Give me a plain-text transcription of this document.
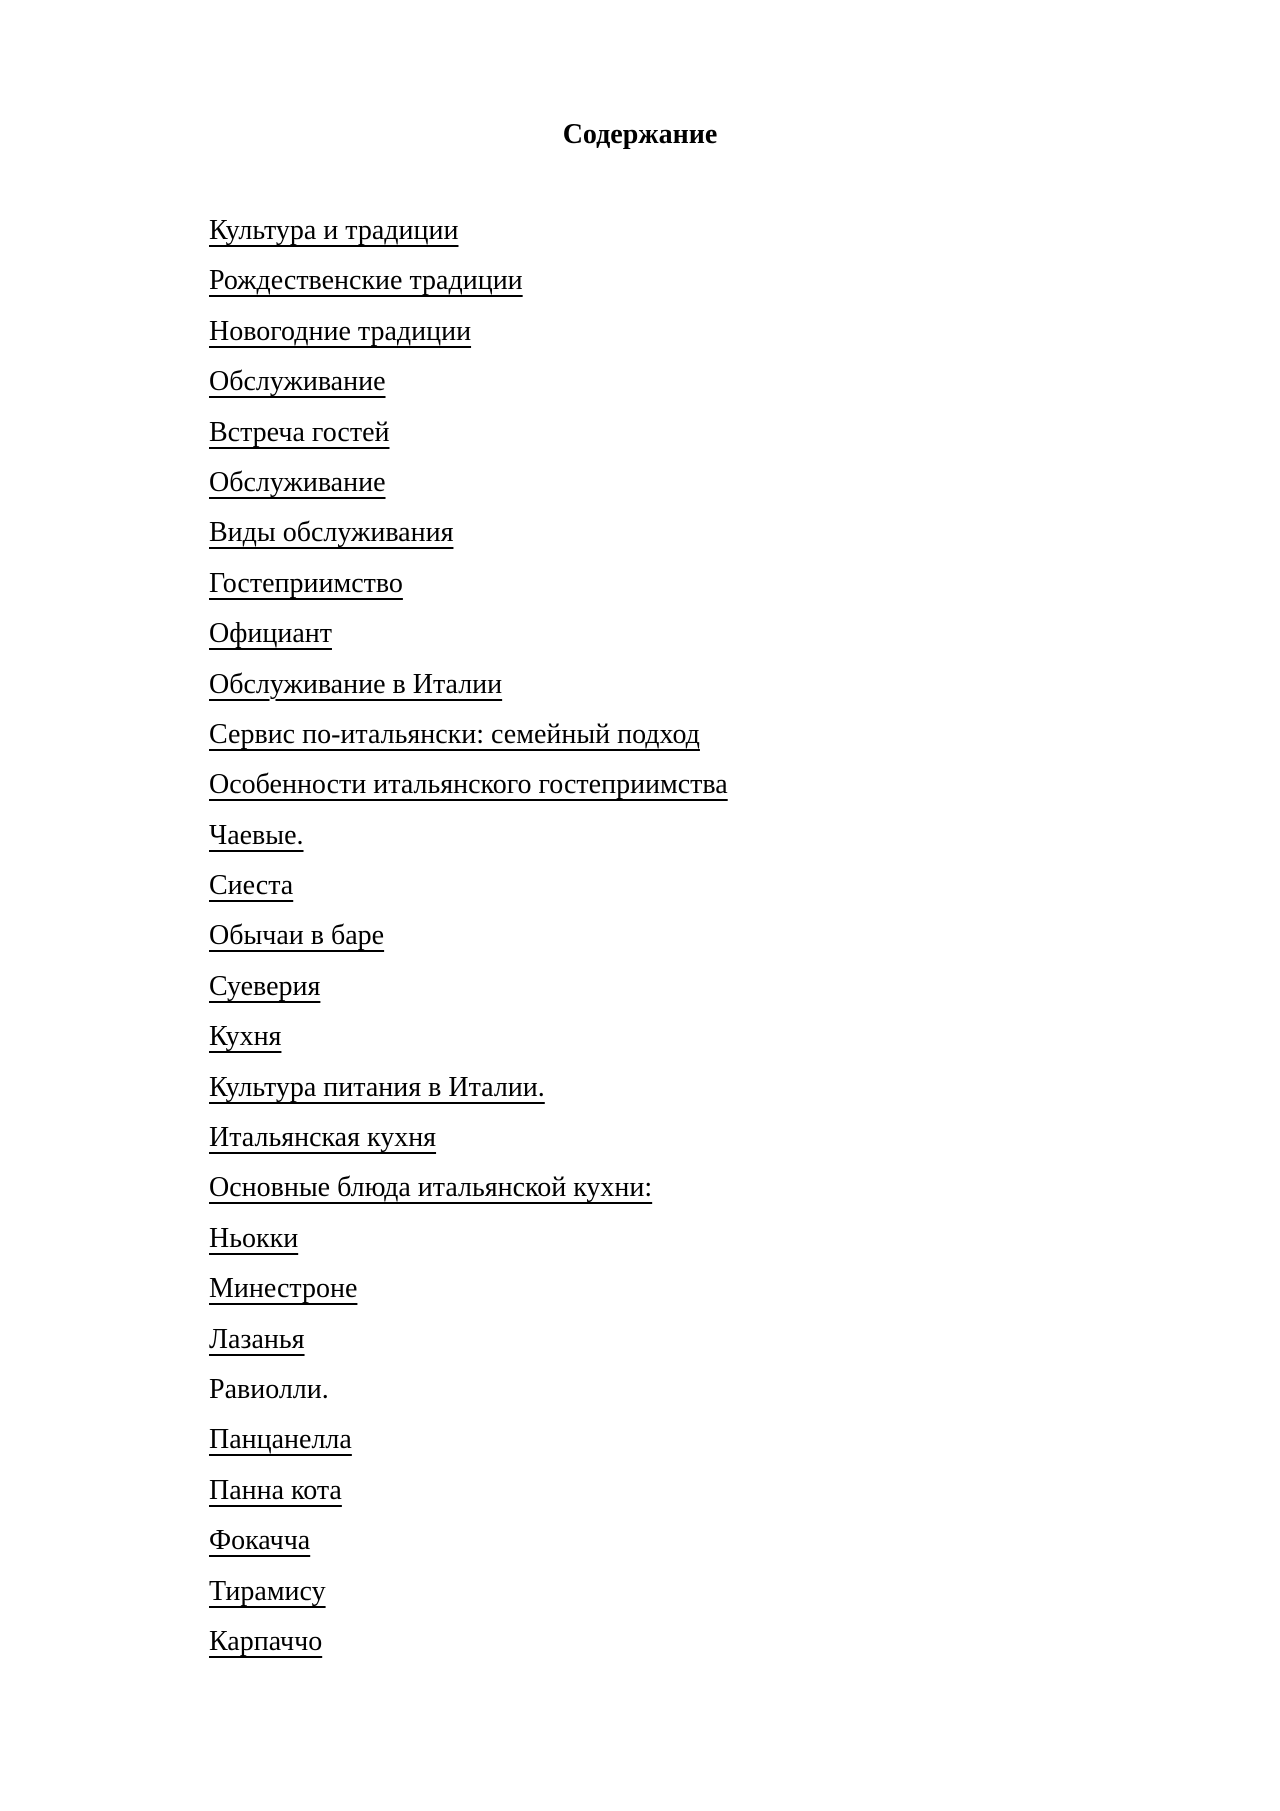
Содержание
Культура и традиции
Рождественские традиции
Новогодние традиции
Обслуживание
Встреча гостей
Обслуживание
Виды обслуживания
Гостеприимство
Официант
Обслуживание в Италии
Сервис по-итальянски: семейный подход
Особенности итальянского гостеприимства
Чаевые.
Сиеста
Обычаи в баре
Суеверия
Кухня
Культура питания в Италии.
Итальянская кухня
Основные блюда итальянской кухни:
Ньокки
Минестроне
Лазанья
Равиолли.
Панцанелла
Панна кота
Фокачча
Тирамису
Карпаччо
